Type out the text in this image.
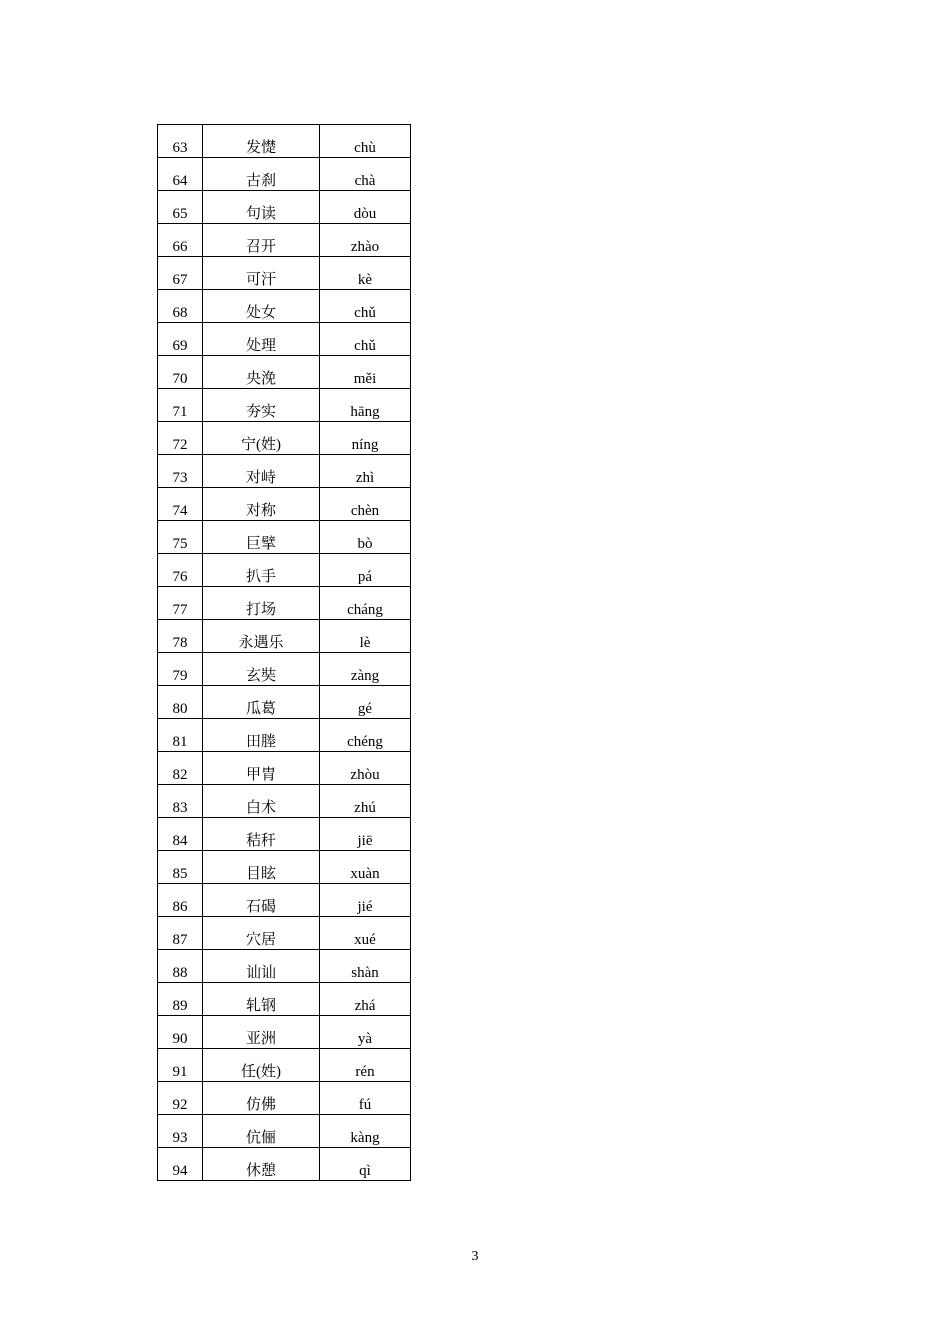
63	发憷	chù
64	古刹	chà
65	句读	dòu
66	召开	zhào
67	可汗	kè
68	处女	chǔ
69	处理	chǔ
70	央浼	měi
71	夯实	hāng
72	宁(姓)	níng
73	对峙	zhì
74	对称	chèn
75	巨擘	bò
76	扒手	pá
77	打场	cháng
78	永遇乐	lè
79	玄奘	zàng
80	瓜葛	gé
81	田塍	chéng
82	甲胄	zhòu
83	白术	zhú
84	秸秆	jiē
85	目眩	xuàn
86	石碣	jié
87	穴居	xué
88	讪讪	shàn
89	轧钢	zhá
90	亚洲	yà
91	任(姓)	rén
92	仿佛	fú
93	伉俪	kàng
94	休憩	qì
3
